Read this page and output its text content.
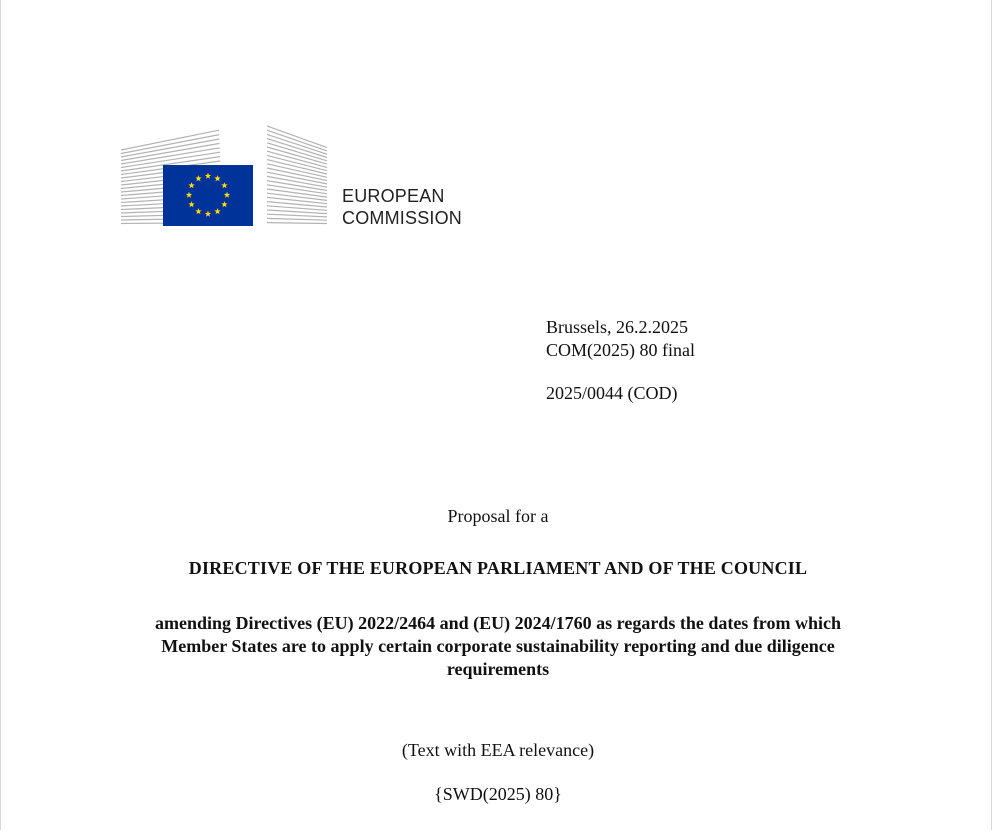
EUROPEAN
COMMISSION
Brussels, 26.2.2025
COM(2025) 80 final
2025/0044 (COD)
Proposal for a
DIRECTIVE OF THE EUROPEAN PARLIAMENT AND OF THE COUNCIL
amending Directives (EU) 2022/2464 and (EU) 2024/1760 as regards the dates from which Member States are to apply certain corporate sustainability reporting and due diligence requirements
(Text with EEA relevance)
{SWD(2025) 80}
